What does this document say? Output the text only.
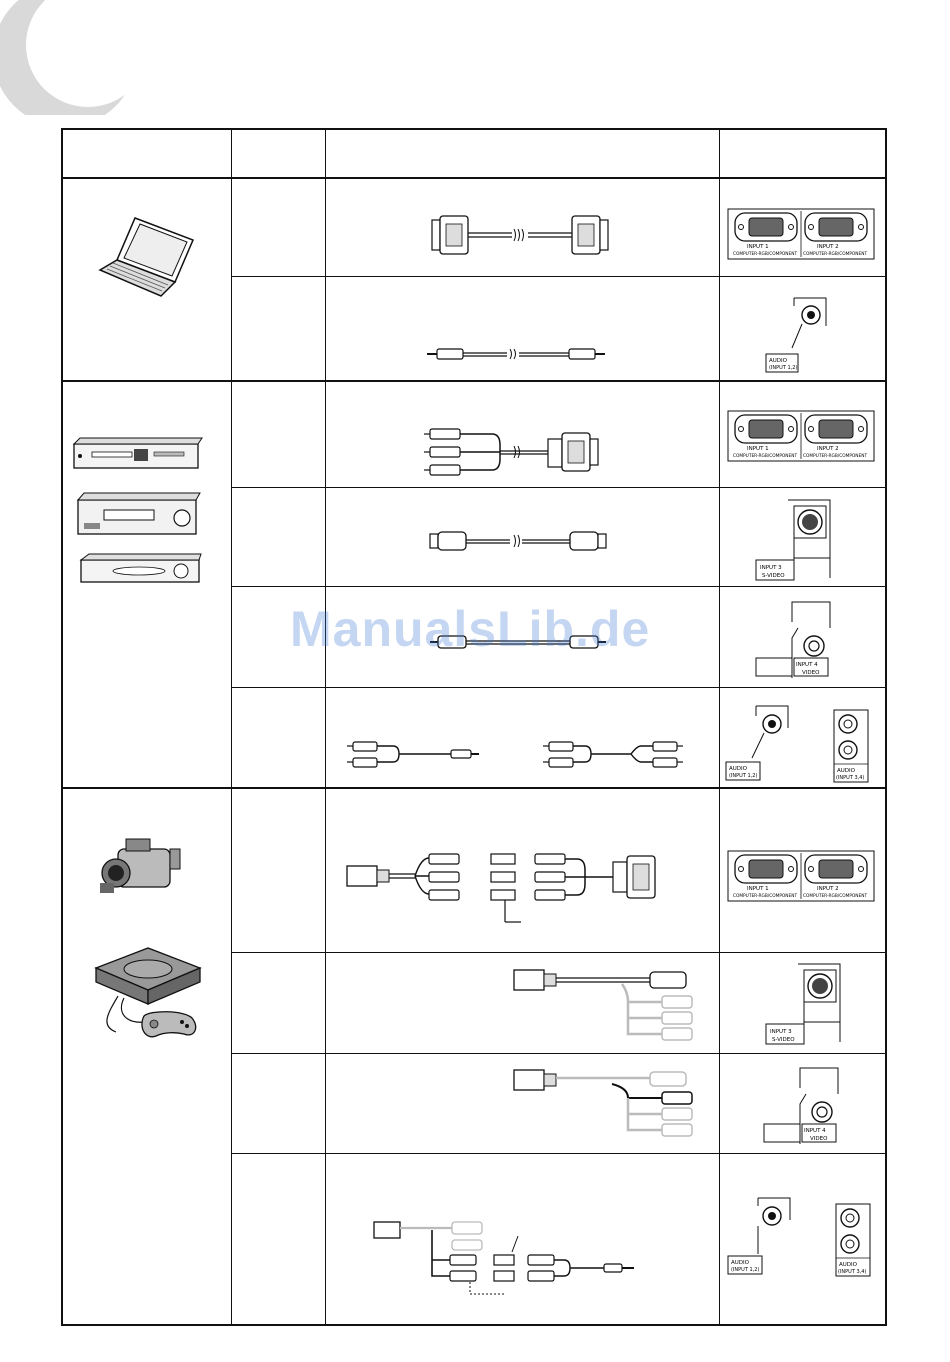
INPUT 1
COMPUTER-RGB/COMPONENT
INPUT 2
COMPUTER-RGB/COMPONENT
INPUT 1
COMPUTER-RGB/COMPONENT
INPUT 2
COMPUTER-RGB/COMPONENT
INPUT 1
COMPUTER-RGB/COMPONENT
INPUT 2
COMPUTER-RGB/COMPONENT
AUDIO
(INPUT 1,2)
INPUT 3
S-VIDEO
INPUT 4
VIDEO
AUDIO
(INPUT 1,2)
AUDIO
(INPUT 3,4)
INPUT 3
S-VIDEO
INPUT 4
VIDEO
AUDIO
(INPUT 1,2)
AUDIO
(INPUT 3,4)
ManualsLib.de
